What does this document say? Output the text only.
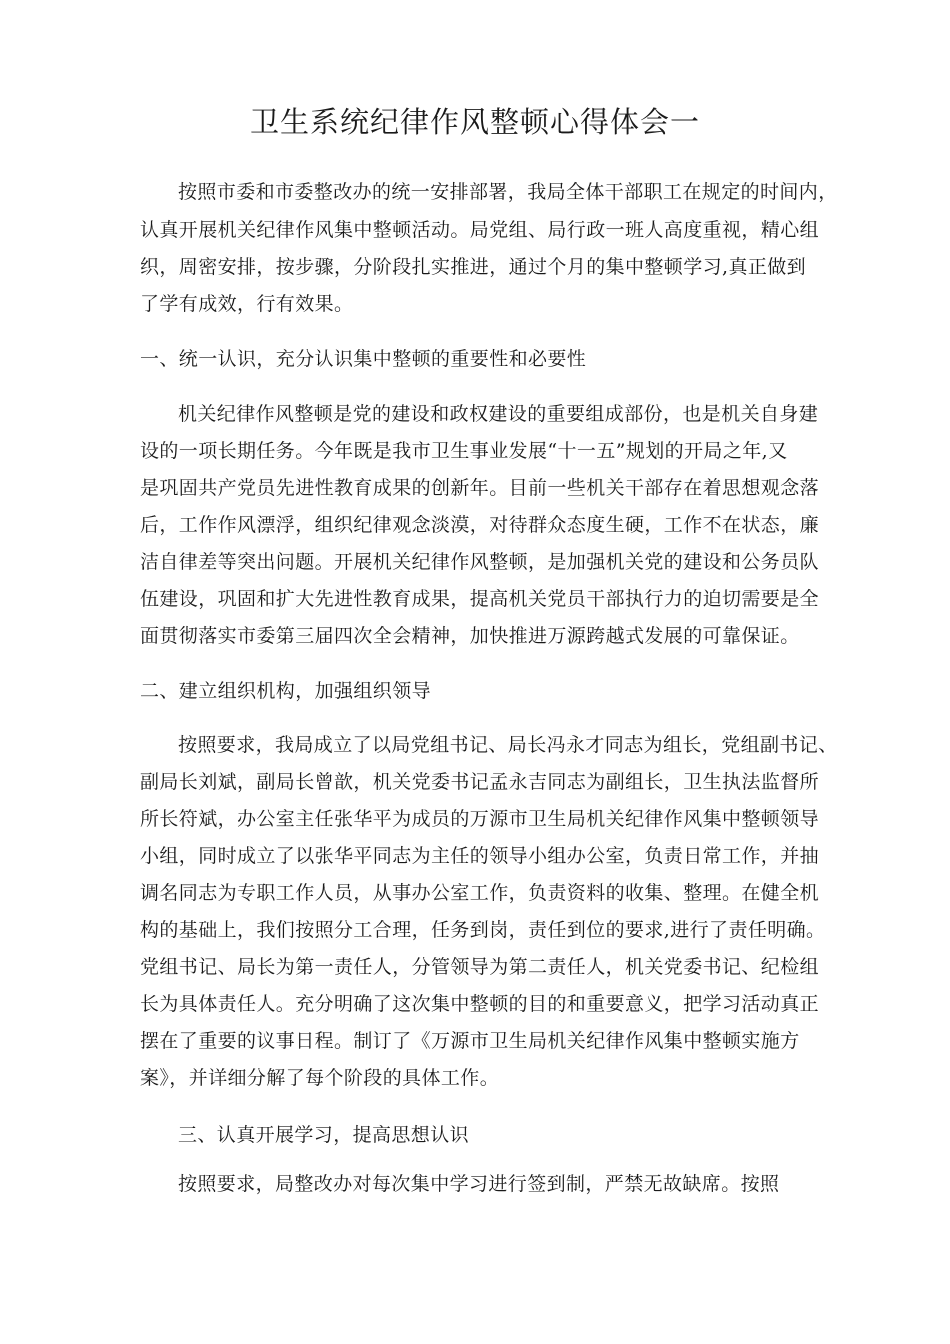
卫生系统纪律作风整顿心得体会一
按照市委和市委整改办的统一安排部署，我局全体干部职工在规定的时间内，
认真开展机关纪律作风集中整顿活动。局党组、局行政一班人高度重视，精心组
织，周密安排，按步骤，分阶段扎实推进，通过个月的集中整顿学习,真正做到
了学有成效，行有效果。
一、统一认识，充分认识集中整顿的重要性和必要性
机关纪律作风整顿是党的建设和政权建设的重要组成部份，也是机关自身建
设的一项长期任务。今年既是我市卫生事业发展“十一五”规划的开局之年,又
是巩固共产党员先进性教育成果的创新年。目前一些机关干部存在着思想观念落
后，工作作风漂浮，组织纪律观念淡漠，对待群众态度生硬，工作不在状态，廉
洁自律差等突出问题。开展机关纪律作风整顿，是加强机关党的建设和公务员队
伍建设，巩固和扩大先进性教育成果，提高机关党员干部执行力的迫切需要是全
面贯彻落实市委第三届四次全会精神，加快推进万源跨越式发展的可靠保证。
二、建立组织机构，加强组织领导
按照要求，我局成立了以局党组书记、局长冯永才同志为组长，党组副书记、
副局长刘斌，副局长曾歆，机关党委书记孟永吉同志为副组长，卫生执法监督所
所长符斌，办公室主任张华平为成员的万源市卫生局机关纪律作风集中整顿领导
小组，同时成立了以张华平同志为主任的领导小组办公室，负责日常工作，并抽
调名同志为专职工作人员，从事办公室工作，负责资料的收集、整理。在健全机
构的基础上，我们按照分工合理，任务到岗，责任到位的要求,进行了责任明确。
党组书记、局长为第一责任人，分管领导为第二责任人，机关党委书记、纪检组
长为具体责任人。充分明确了这次集中整顿的目的和重要意义，把学习活动真正
摆在了重要的议事日程。制订了《万源市卫生局机关纪律作风集中整顿实施方
案》，并详细分解了每个阶段的具体工作。
三、认真开展学习，提高思想认识
按照要求，局整改办对每次集中学习进行签到制，严禁无故缺席。按照
